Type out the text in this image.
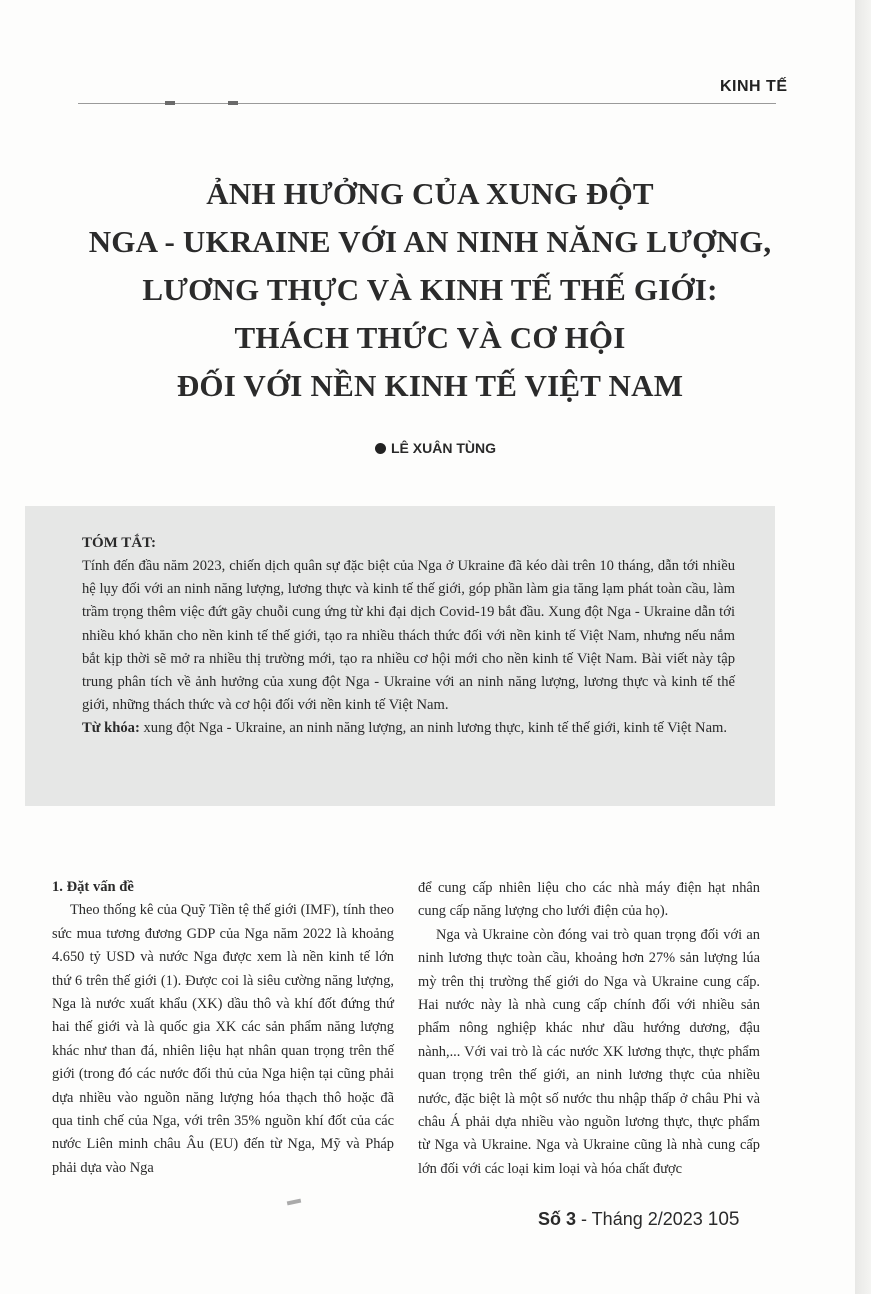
KINH TẾ
ẢNH HƯỞNG CỦA XUNG ĐỘT
NGA - UKRAINE VỚI AN NINH NĂNG LƯỢNG,
LƯƠNG THỰC VÀ KINH TẾ THẾ GIỚI:
THÁCH THỨC VÀ CƠ HỘI
ĐỐI VỚI NỀN KINH TẾ VIỆT NAM
LÊ XUÂN TÙNG

TÓM TẮT:

Tính đến đầu năm 2023, chiến dịch quân sự đặc biệt của Nga ở Ukraine đã kéo dài trên 10 tháng, dẫn tới nhiều hệ lụy đối với an ninh năng lượng, lương thực và kinh tế thế giới, góp phần làm gia tăng lạm phát toàn cầu, làm trầm trọng thêm việc đứt gãy chuỗi cung ứng từ khi đại dịch Covid-19 bắt đầu. Xung đột Nga - Ukraine dẫn tới nhiều khó khăn cho nền kinh tế thế giới, tạo ra nhiều thách thức đối với nền kinh tế Việt Nam, nhưng nếu nắm bắt kịp thời sẽ mở ra nhiều thị trường mới, tạo ra nhiều cơ hội mới cho nền kinh tế Việt Nam. Bài viết này tập trung phân tích về ảnh hưởng của xung đột Nga - Ukraine với an ninh năng lượng, lương thực và kinh tế thế giới, những thách thức và cơ hội đối với nền kinh tế Việt Nam.

Từ khóa: xung đột Nga - Ukraine, an ninh năng lượng, an ninh lương thực, kinh tế thế giới, kinh tế Việt Nam.

1. Đặt vấn đề

Theo thống kê của Quỹ Tiền tệ thế giới (IMF), tính theo sức mua tương đương GDP của Nga năm 2022 là khoảng 4.650 tỷ USD và nước Nga được xem là nền kinh tế lớn thứ 6 trên thế giới (1). Được coi là siêu cường năng lượng, Nga là nước xuất khẩu (XK) dầu thô và khí đốt đứng thứ hai thế giới và là quốc gia XK các sản phẩm năng lượng khác như than đá, nhiên liệu hạt nhân quan trọng trên thế giới (trong đó các nước đối thủ của Nga hiện tại cũng phải dựa nhiều vào nguồn năng lượng hóa thạch thô hoặc đã qua tinh chế của Nga, với trên 35% nguồn khí đốt của các nước Liên minh châu Âu (EU) đến từ Nga, Mỹ và Pháp phải dựa vào Nga

để cung cấp nhiên liệu cho các nhà máy điện hạt nhân cung cấp năng lượng cho lưới điện của họ).

Nga và Ukraine còn đóng vai trò quan trọng đối với an ninh lương thực toàn cầu, khoảng hơn 27% sản lượng lúa mỳ trên thị trường thế giới do Nga và Ukraine cung cấp. Hai nước này là nhà cung cấp chính đối với nhiều sản phẩm nông nghiệp khác như dầu hướng dương, đậu nành,... Với vai trò là các nước XK lương thực, thực phẩm quan trọng trên thế giới, an ninh lương thực của nhiều nước, đặc biệt là một số nước thu nhập thấp ở châu Phi và châu Á phải dựa nhiều vào nguồn lương thực, thực phẩm từ Nga và Ukraine. Nga và Ukraine cũng là nhà cung cấp lớn đối với các loại kim loại và hóa chất được

Số 3 - Tháng 2/2023 105
